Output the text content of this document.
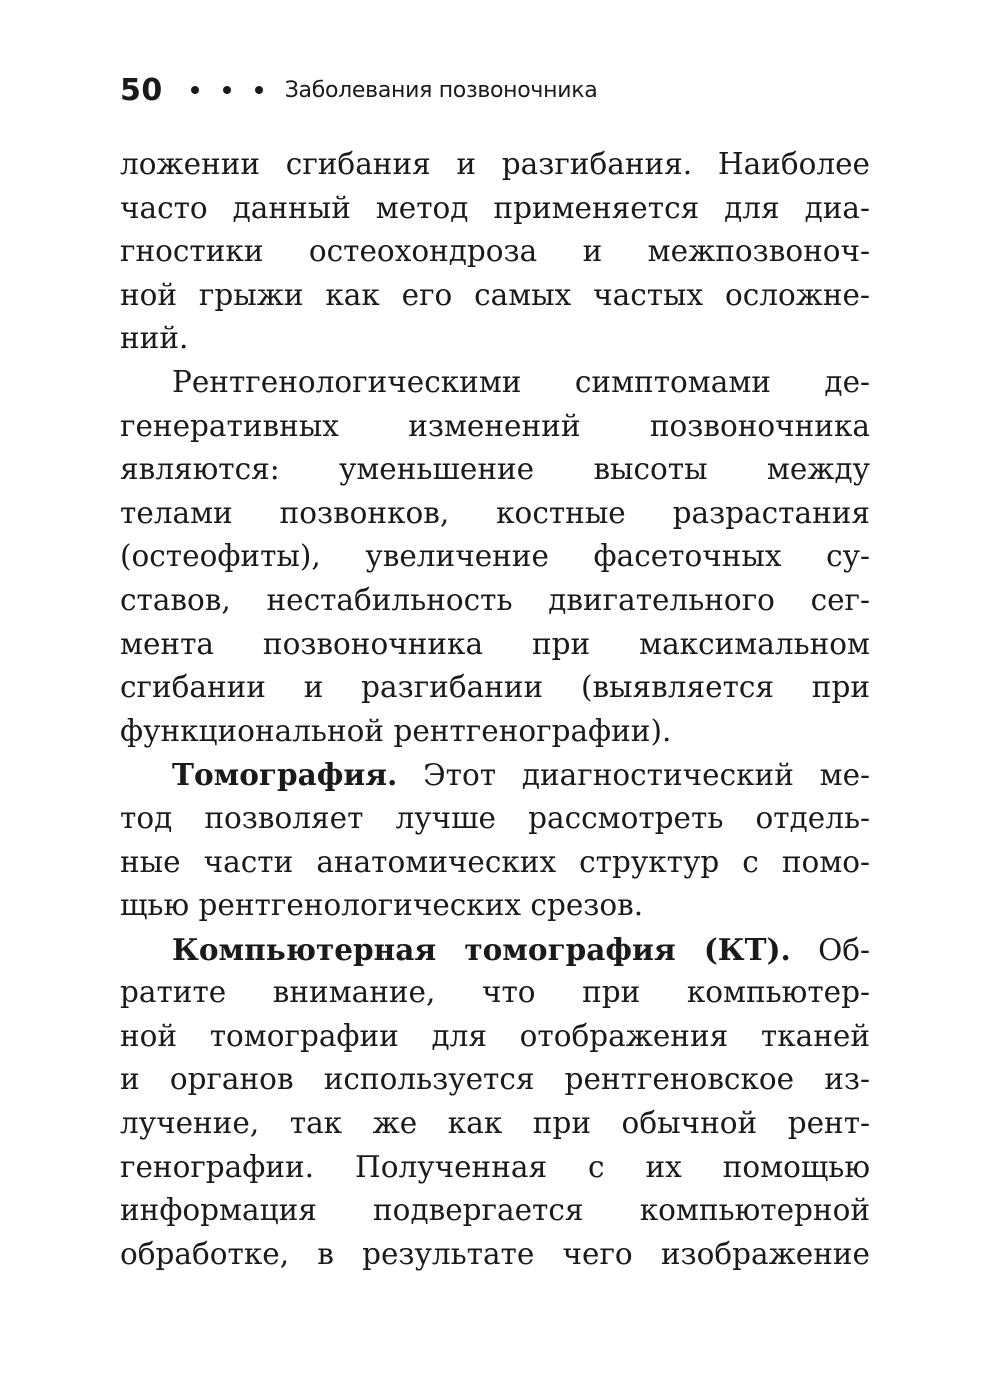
50	Заболевания позвоночника
ложении сгибания и разгибания. Наиболее
часто данный метод применяется для диа-
гностики остеохондроза и межпозвоноч-
ной грыжи как его самых частых осложне-
ний.
Рентгенологическими симптомами де-
генеративных изменений позвоночника
являются: уменьшение высоты между
телами позвонков, костные разрастания
(остеофиты), увеличение фасеточных су-
ставов, нестабильность двигательного сег-
мента позвоночника при максимальном
сгибании и разгибании (выявляется при
функциональной рентгенографии).
Томография. Этот диагностический ме-
тод позволяет лучше рассмотреть отдель-
ные части анатомических структур с помо-
щью рентгенологических срезов.
Компьютерная томография (КТ). Об-
ратите внимание, что при компьютер-
ной томографии для отображения тканей
и органов используется рентгеновское из-
лучение, так же как при обычной рент-
генографии. Полученная с их помощью
информация подвергается компьютерной
обработке, в результате чего изображение
